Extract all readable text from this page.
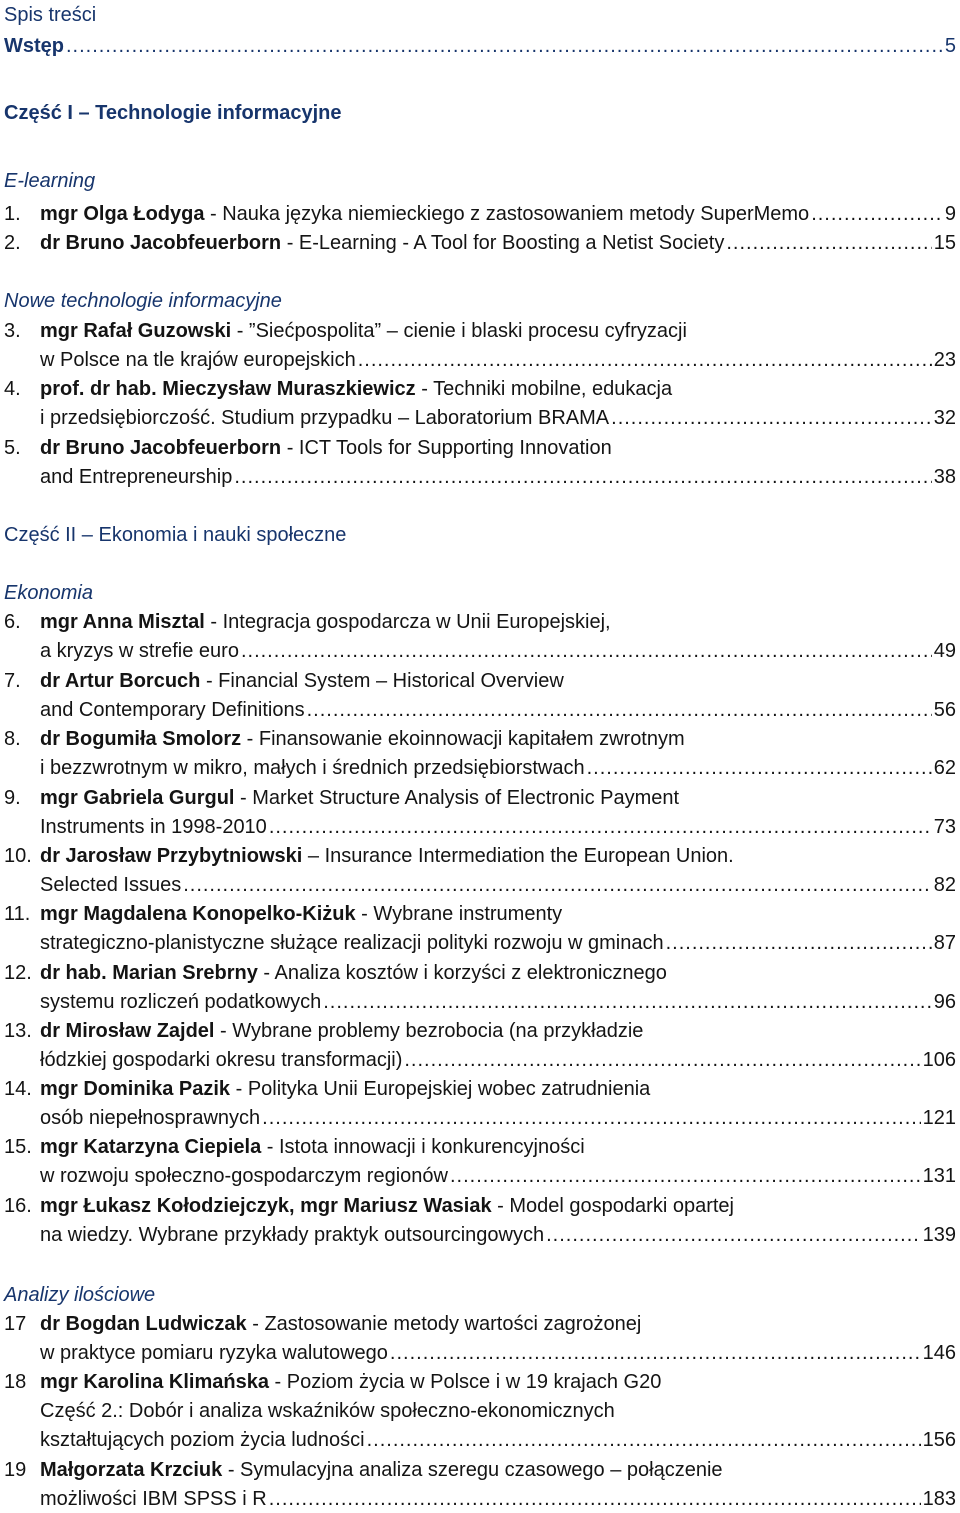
Spis treści
Wstęp .....	5
Część I – Technologie informacyjne
E-learning
1. mgr Olga Łodyga - Nauka języka niemieckiego z zastosowaniem metody SuperMemo .....	9
2. dr Bruno Jacobfeuerborn - E-Learning - A Tool for Boosting a Netist Society .....	15
Nowe technologie informacyjne
3. mgr Rafał Guzowski - ”Siećpospolita” – cienie i blaski procesu cyfryzacji
w Polsce na tle krajów europejskich .....	23
4. prof. dr hab. Mieczysław Muraszkiewicz - Techniki mobilne, edukacja
i przedsiębiorczość. Studium przypadku – Laboratorium BRAMA .....	32
5. dr Bruno Jacobfeuerborn - ICT Tools for Supporting Innovation
and Entrepreneurship .....	38
Część II – Ekonomia i nauki społeczne
Ekonomia
6. mgr Anna Misztal - Integracja gospodarcza w Unii Europejskiej,
a kryzys w strefie euro .....	49
7. dr Artur Borcuch - Financial System – Historical Overview
and Contemporary Definitions .....	56
8. dr Bogumiła Smolorz - Finansowanie ekoinnowacji kapitałem zwrotnym
i bezzwrotnym w mikro, małych i średnich przedsiębiorstwach .....	62
9. mgr Gabriela Gurgul - Market Structure Analysis of Electronic Payment
Instruments in 1998-2010 .....	73
10. dr Jarosław Przybytniowski – Insurance Intermediation the European Union.
Selected Issues .....	82
11. mgr Magdalena Konopelko-Kiżuk - Wybrane instrumenty
strategiczno-planistyczne służące realizacji polityki rozwoju w gminach .....	87
12. dr hab. Marian Srebrny - Analiza kosztów i korzyści z elektronicznego
systemu rozliczeń podatkowych .....	96
13. dr Mirosław Zajdel - Wybrane problemy bezrobocia (na przykładzie
łódzkiej gospodarki okresu transformacji) .....	106
14. mgr Dominika Pazik - Polityka Unii Europejskiej wobec zatrudnienia
osób niepełnosprawnych .....	121
15. mgr Katarzyna Ciepiela - Istota innowacji i konkurencyjności
w rozwoju społeczno-gospodarczym regionów .....	131
16. mgr Łukasz Kołodziejczyk, mgr Mariusz Wasiak - Model gospodarki opartej
na wiedzy. Wybrane przykłady praktyk outsourcingowych .....	139
Analizy ilościowe
17 dr Bogdan Ludwiczak - Zastosowanie metody wartości zagrożonej
w praktyce pomiaru ryzyka walutowego .....	146
18 mgr Karolina Klimańska - Poziom życia w Polsce i w 19 krajach G20
Część 2.: Dobór i analiza wskaźników społeczno-ekonomicznych
kształtujących poziom życia ludności .....	156
19 Małgorzata Krzciuk - Symulacyjna analiza szeregu czasowego – połączenie
możliwości IBM SPSS i R .....	183
